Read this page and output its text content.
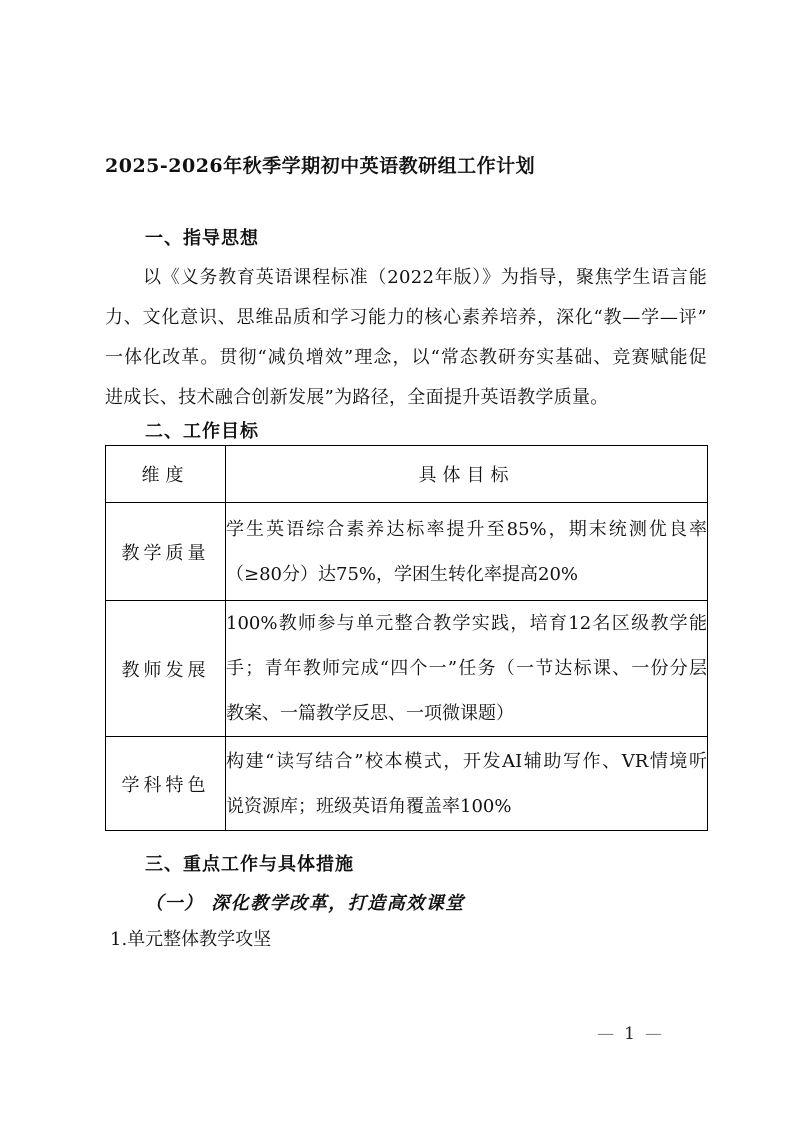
2025-2026年秋季学期初中英语教研组工作计划
一、指导思想
以《义务教育英语课程标准（2022年版）》为指导，聚焦学生语言能
力、文化意识、思维品质和学习能力的核心素养培养，深化“教—学—评”
一体化改革。贯彻“减负增效”理念，以“常态教研夯实基础、竞赛赋能促
进成长、技术融合创新发展”为路径，全面提升英语教学质量。
二、工作目标
维度	具体目标
教学质量	学生英语综合素养达标率提升至85%，期末统测优良率
（≥80分）达75%，学困生转化率提高20%

教师发展	100%教师参与单元整合教学实践，培育12名区级教学能
手；青年教师完成“四个一”任务（一节达标课、一份分层
教案、一篇教学反思、一项微课题）

学科特色	构建“读写结合”校本模式，开发AI辅助写作、VR情境听
说资源库；班级英语角覆盖率100%
三、重点工作与具体措施
（一） 深化教学改革，打造高效课堂
1.单元整体教学攻坚
— 1 —
